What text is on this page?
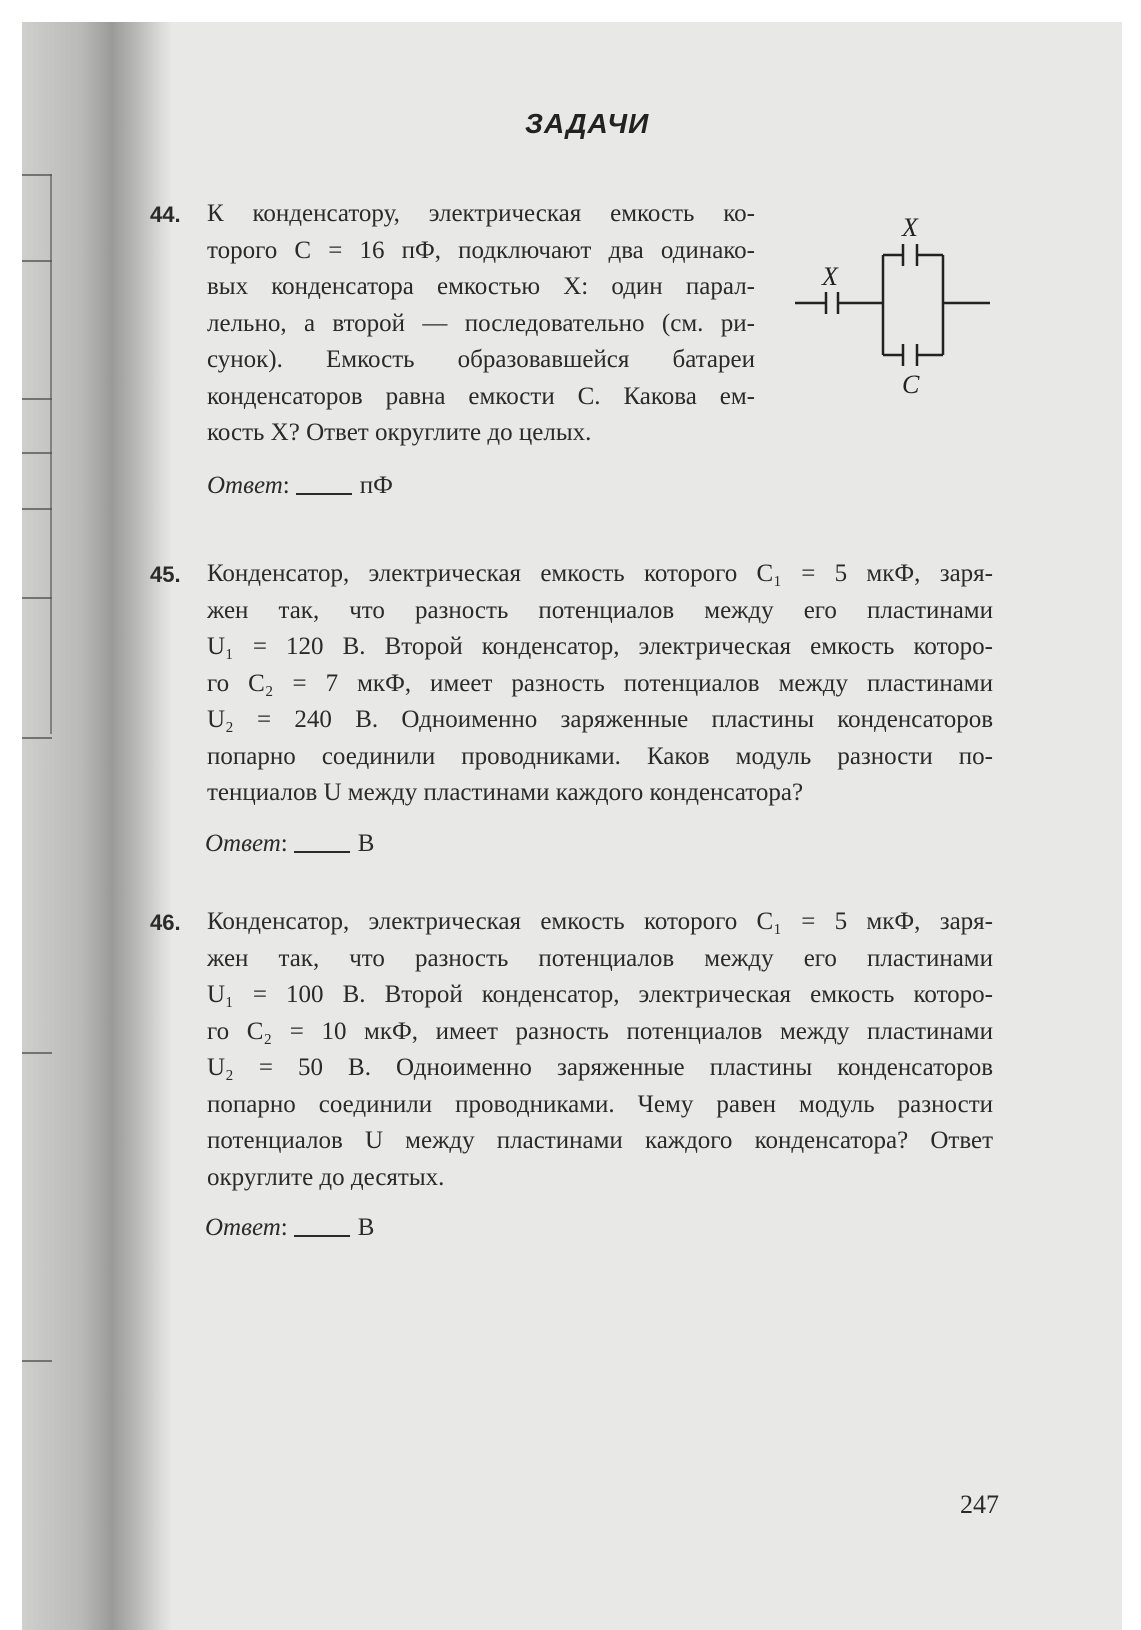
ЗАДАЧИ
44. К конденсатору, электрическая емкость ко-
торого C = 16 пФ, подключают два одинако-
вых конденсатора емкостью X: один парал-
лельно, а второй — последовательно (см. ри-
сунок). Емкость образовавшейся батареи
конденсаторов равна емкости C. Какова ем-
кость X? Ответ округлите до целых.
Ответ:	пФ
X
X
C
45. Конденсатор, электрическая емкость которого C₁ = 5 мкФ, заря-
жен так, что разность потенциалов между его пластинами
U₁ = 120 В. Второй конденсатор, электрическая емкость которо-
го C₂ = 7 мкФ, имеет разность потенциалов между пластинами
U₂ = 240 В. Одноименно заряженные пластины конденсаторов
попарно соединили проводниками. Каков модуль разности по-
тенциалов U между пластинами каждого конденсатора?
Ответ:	В
46. Конденсатор, электрическая емкость которого C₁ = 5 мкФ, заря-
жен так, что разность потенциалов между его пластинами
U₁ = 100 В. Второй конденсатор, электрическая емкость которо-
го C₂ = 10 мкФ, имеет разность потенциалов между пластинами
U₂ = 50 В. Одноименно заряженные пластины конденсаторов
попарно соединили проводниками. Чему равен модуль разности
потенциалов U между пластинами каждого конденсатора? Ответ
округлите до десятых.
Ответ:	В
247
